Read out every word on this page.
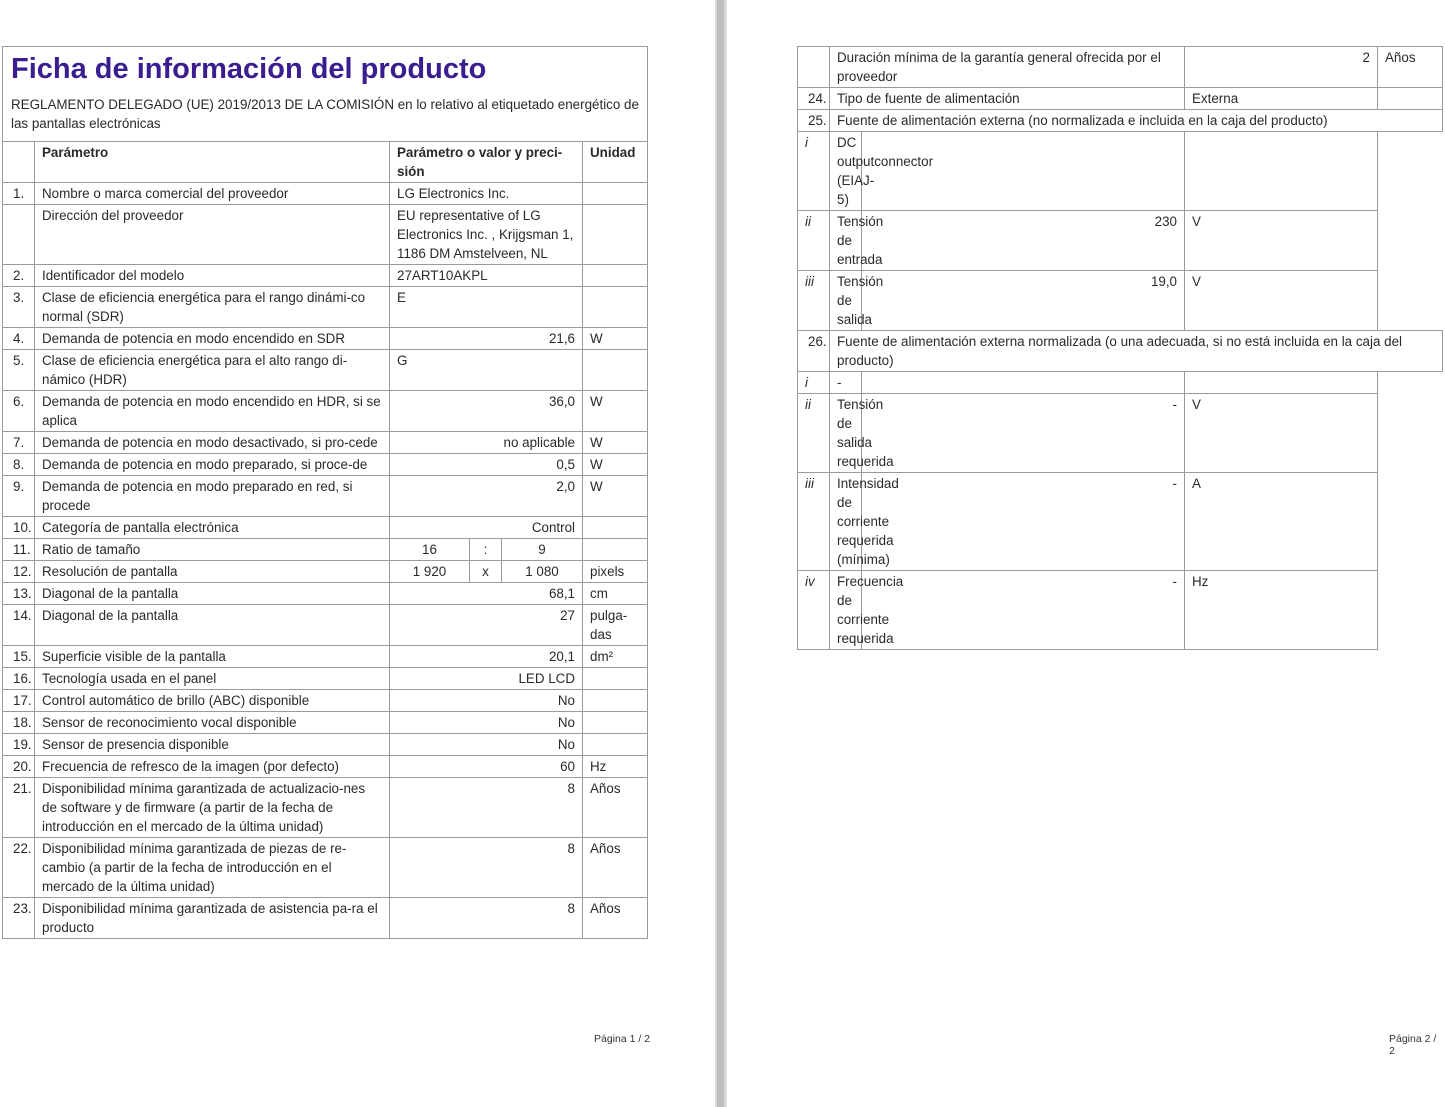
Ficha de información del producto
REGLAMENTO DELEGADO (UE) 2019/2013 DE LA COMISIÓN en lo relativo al etiquetado energético de las pantallas electrónicas					

	Parámetro	Parámetro o valor y preci-sión			Unidad
1.	Nombre o marca comercial del proveedor	LG Electronics Inc.			
	Dirección del proveedor	EU representative of LG Electronics Inc. , Krijgsman 1, 1186 DM Amstelveen, NL			
2.	Identificador del modelo	27ART10AKPL			
3.	Clase de eficiencia energética para el rango dinámi-co normal (SDR)	E			
4.	Demanda de potencia en modo encendido en SDR	21,6			W
5.	Clase de eficiencia energética para el alto rango di-námico (HDR)	G			
6.	Demanda de potencia en modo encendido en HDR, si se aplica	36,0			W
7.	Demanda de potencia en modo desactivado, si pro-cede	no aplicable			W
8.	Demanda de potencia en modo preparado, si proce-de	0,5			W
9.	Demanda de potencia en modo preparado en red, si procede	2,0			W
10.	Categoría de pantalla electrónica	Control			
11.	Ratio de tamaño	16	:	9	
12.	Resolución de pantalla	1 920	x	1 080	pixels
13.	Diagonal de la pantalla	68,1			cm
14.	Diagonal de la pantalla	27			pulga-das
15.	Superficie visible de la pantalla	20,1			dm²
16.	Tecnología usada en el panel	LED LCD			
17.	Control automático de brillo (ABC) disponible	No			
18.	Sensor de reconocimiento vocal disponible	No			
19.	Sensor de presencia disponible	No			
20.	Frecuencia de refresco de la imagen (por defecto)	60			Hz
21.	Disponibilidad mínima garantizada de actualizacio-nes de software y de firmware (a partir de la fecha de introducción en el mercado de la última unidad)	8			Años
22.	Disponibilidad mínima garantizada de piezas de re-cambio (a partir de la fecha de introducción en el mercado de la última unidad)	8			Años
23.	Disponibilidad mínima garantizada de asistencia pa-ra el producto	8			Años
Página 1 / 2
	Duración mínima de la garantía general ofrecida por el proveedor		2	Años
24.	Tipo de fuente de alimentación		Externa	
25.	Fuente de alimentación externa (no normalizada e incluida en la caja del producto)			
i	DC outputconnector (EIAJ-5)			
ii	Tensión de entrada	230	V	
iii	Tensión de salida	19,0	V	
26.	Fuente de alimentación externa normalizada (o una adecuada, si no está incluida en la caja del producto)			
i	-			
ii	Tensión de salida requerida	-	V	
iii	Intensidad de corriente requerida (mínima)	-	A	
iv	Frecuencia de corriente requerida	-	Hz	
Página 2 / 2
